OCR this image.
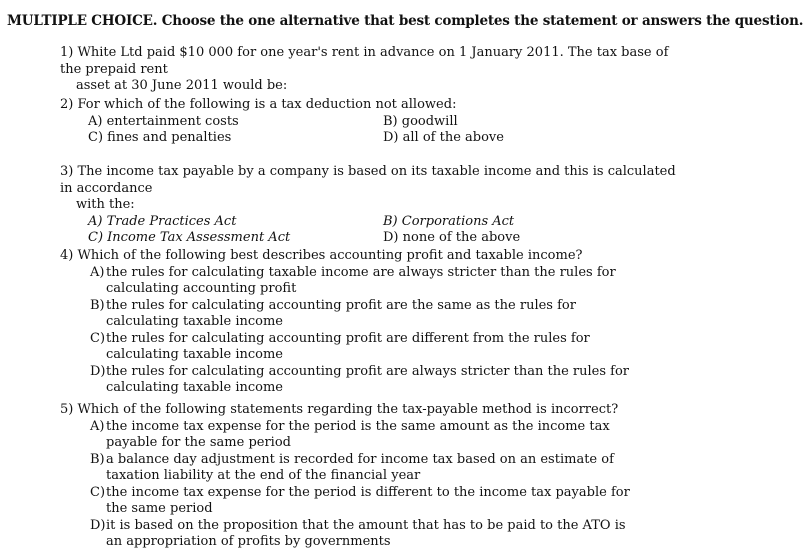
MULTIPLE CHOICE. Choose the one alternative that best completes the statement or answers the question.
1) White Ltd paid $10 000 for one year's rent in advance on 1 January 2011. The tax base of the prepaid rent
asset at 30 June 2011 would be:
2) For which of the following is a tax deduction not allowed:
A) entertainment costs	B) goodwill
C) fines and penalties	D) all of the above
3) The income tax payable by a company is based on its taxable income and this is calculated in accordance
with the:
A) Trade Practices Act	B) Corporations Act
C) Income Tax Assessment Act	D) none of the above
4) Which of the following best describes accounting profit and taxable income?
A) the rules for calculating taxable income are always stricter than the rules for calculating accounting profit
B) the rules for calculating accounting profit are the same as the rules for calculating taxable income
C) the rules for calculating accounting profit are different from the rules for calculating taxable income
D) the rules for calculating accounting profit are always stricter than the rules for calculating taxable income
5) Which of the following statements regarding the tax-payable method is incorrect?
A) the income tax expense for the period is the same amount as the income tax payable for the same period
B) a balance day adjustment is recorded for income tax based on an estimate of taxation liability at the end of the financial year
C) the income tax expense for the period is different to the income tax payable for the same period
D) it is based on the proposition that the amount that has to be paid to the ATO is an appropriation of profits by governments
